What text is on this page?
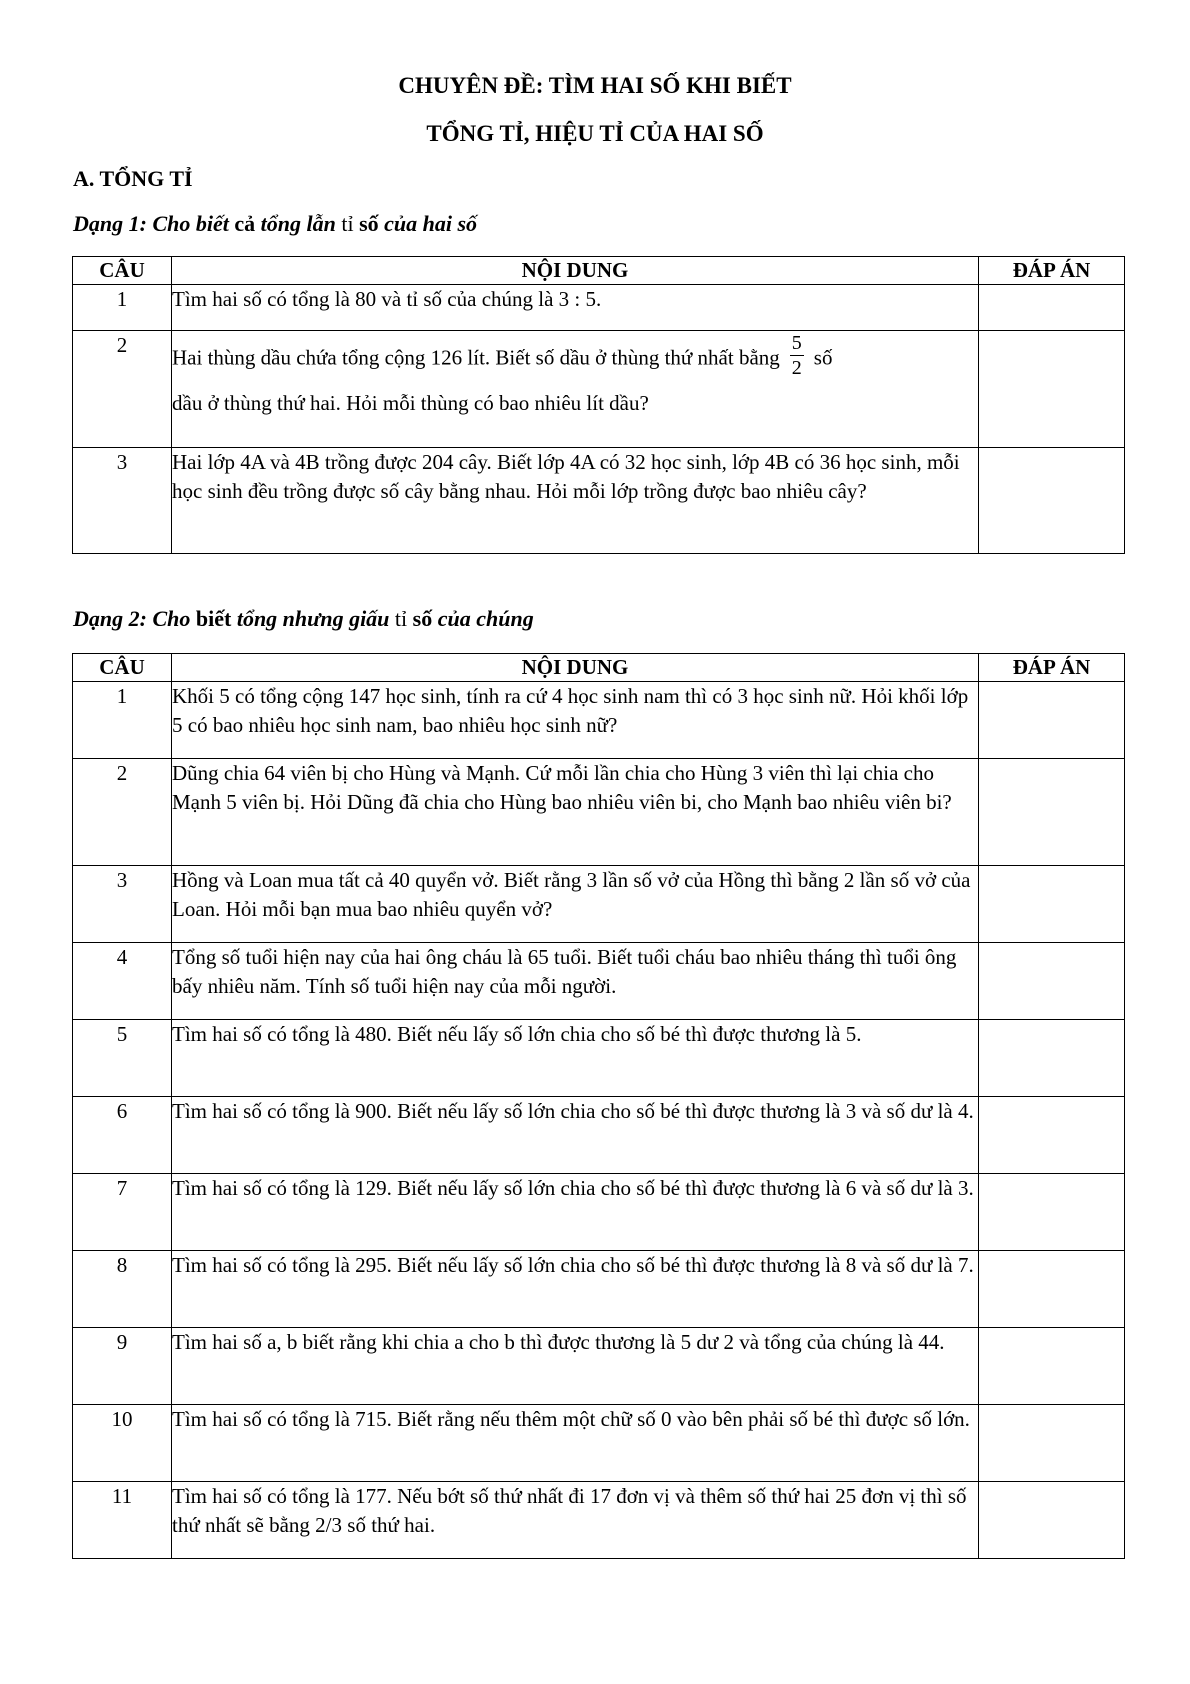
CHUYÊN ĐỀ: TÌM HAI SỐ KHI BIẾT
TỔNG TỈ, HIỆU TỈ CỦA HAI SỐ
A. TỔNG TỈ
Dạng 1: Cho biết cả tổng lẫn tỉ số của hai số
CÂU	NỘI DUNG	ĐÁP ÁN
1	Tìm hai số có tổng là 80 và tỉ số của chúng là 3 : 5.	
2	Hai thùng dầu chứa tổng cộng 126 lít. Biết số dầu ở thùng thứ nhất bằng $\frac{5}{2}$ số
dầu ở thùng thứ hai. Hỏi mỗi thùng có bao nhiêu lít dầu?	

3	Hai lớp 4A và 4B trồng được 204 cây. Biết lớp 4A có 32 học sinh, lớp 4B có 36 học sinh, mỗi học sinh đều trồng được số cây bằng nhau. Hỏi mỗi lớp trồng được bao nhiêu cây?	
Dạng 2: Cho biết tổng nhưng giấu tỉ số của chúng
CÂU	NỘI DUNG	ĐÁP ÁN
1	Khối 5 có tổng cộng 147 học sinh, tính ra cứ 4 học sinh nam thì có 3 học sinh nữ. Hỏi khối lớp 5 có bao nhiêu học sinh nam, bao nhiêu học sinh nữ?	
2	Dũng chia 64 viên bị cho Hùng và Mạnh. Cứ mỗi lần chia cho Hùng 3 viên thì lại chia cho Mạnh 5 viên bị. Hỏi Dũng đã chia cho Hùng bao nhiêu viên bi, cho Mạnh bao nhiêu viên bi?	
3	Hồng và Loan mua tất cả 40 quyển vở. Biết rằng 3 lần số vở của Hồng thì bằng 2 lần số vở của Loan. Hỏi mỗi bạn mua bao nhiêu quyển vở?	
4	Tổng số tuổi hiện nay của hai ông cháu là 65 tuổi. Biết tuổi cháu bao nhiêu tháng thì tuổi ông bấy nhiêu năm. Tính số tuổi hiện nay của mỗi người.	
5	Tìm hai số có tổng là 480. Biết nếu lấy số lớn chia cho số bé thì được thương là 5.	
6	Tìm hai số có tổng là 900. Biết nếu lấy số lớn chia cho số bé thì được thương là 3 và số dư là 4.	
7	Tìm hai số có tổng là 129. Biết nếu lấy số lớn chia cho số bé thì được thương là 6 và số dư là 3.	
8	Tìm hai số có tổng là 295. Biết nếu lấy số lớn chia cho số bé thì được thương là 8 và số dư là 7.	
9	Tìm hai số a, b biết rằng khi chia a cho b thì được thương là 5 dư 2 và tổng của chúng là 44.	
10	Tìm hai số có tổng là 715. Biết rằng nếu thêm một chữ số 0 vào bên phải số bé thì được số lớn.	
11	Tìm hai số có tổng là 177. Nếu bớt số thứ nhất đi 17 đơn vị và thêm số thứ hai 25 đơn vị thì số thứ nhất sẽ bằng 2/3 số thứ hai.	
